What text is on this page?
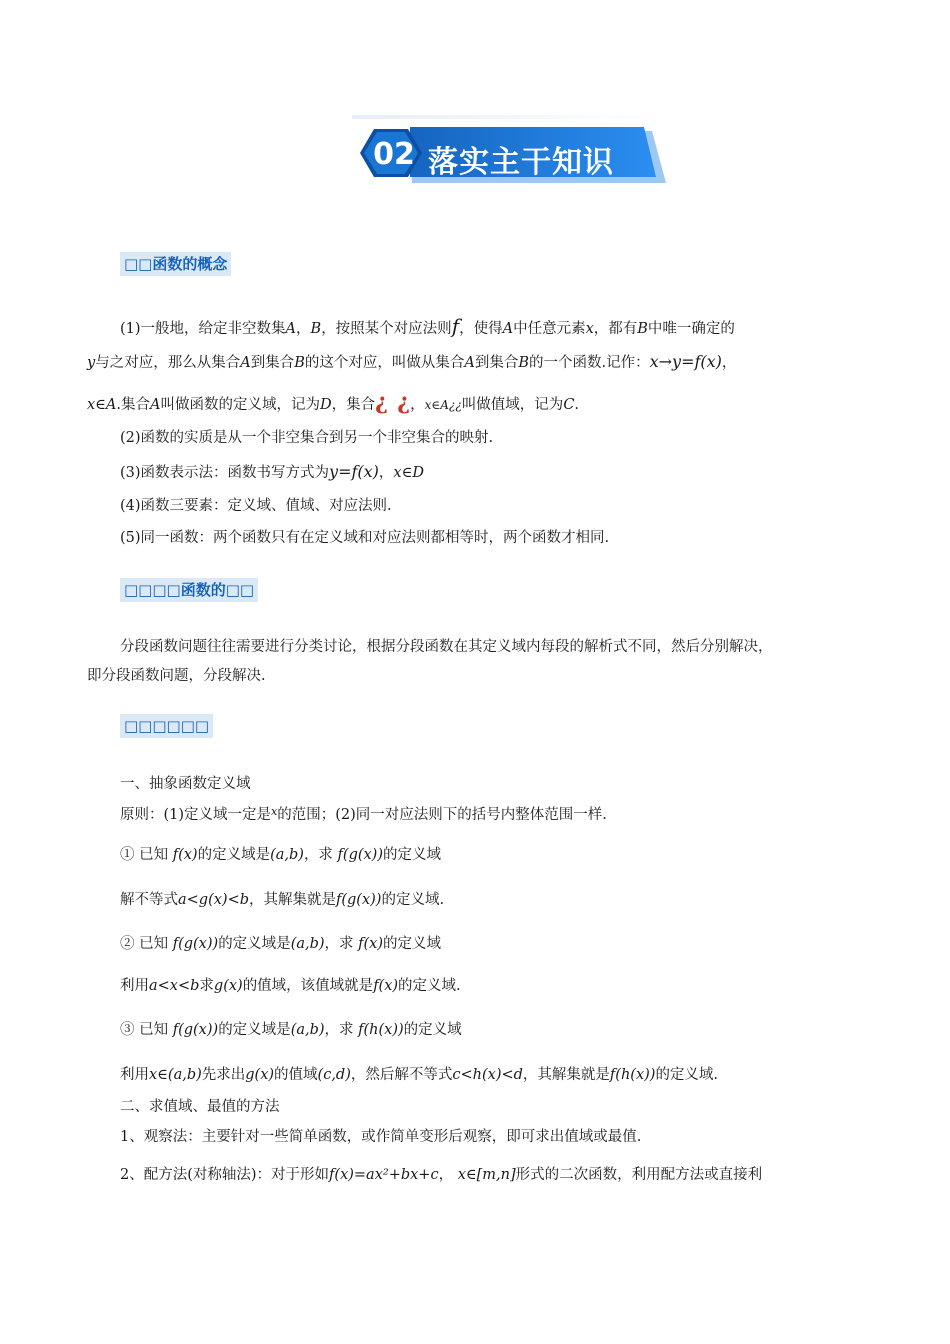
02 落实主干知识
□□函数的概念
(1)一般地，给定非空数集A，B，按照某个对应法则f，使得A中任意元素x，都有B中唯一确定的
y与之对应，那么从集合A到集合B的这个对应，叫做从集合A到集合B的一个函数.记作：x→y=f(x)，
x∈A.集合A叫做函数的定义域，记为D，集合¿ ¿，x∈A¿¿叫做值域，记为C.
(2)函数的实质是从一个非空集合到另一个非空集合的映射.
(3)函数表示法：函数书写方式为y=f(x)，x∈D
(4)函数三要素：定义域、值域、对应法则.
(5)同一函数：两个函数只有在定义域和对应法则都相等时，两个函数才相同.
□□□□函数的□□
分段函数问题往往需要进行分类讨论，根据分段函数在其定义域内每段的解析式不同，然后分别解决，
即分段函数问题，分段解决.
□□□□□□
一、抽象函数定义域
原则：(1)定义域一定是$^x$的范围；(2)同一对应法则下的括号内整体范围一样.
① 已知 f(x)的定义域是(a,b)，求 f(g(x))的定义域
解不等式a<g(x)<b，其解集就是f(g(x))的定义域.
② 已知 f(g(x))的定义域是(a,b)，求 f(x)的定义域
利用a<x<b求g(x)的值域，该值域就是f(x)的定义域.
③ 已知 f(g(x))的定义域是(a,b)，求 f(h(x))的定义域
利用x∈(a,b)先求出g(x)的值域(c,d)，然后解不等式c<h(x)<d，其解集就是f(h(x))的定义域.
二、求值域、最值的方法
1、观察法：主要针对一些简单函数，或作简单变形后观察，即可求出值域或最值.
2、配方法(对称轴法)：对于形如f(x)=ax²+bx+c， x∈[m,n]形式的二次函数，利用配方法或直接利
